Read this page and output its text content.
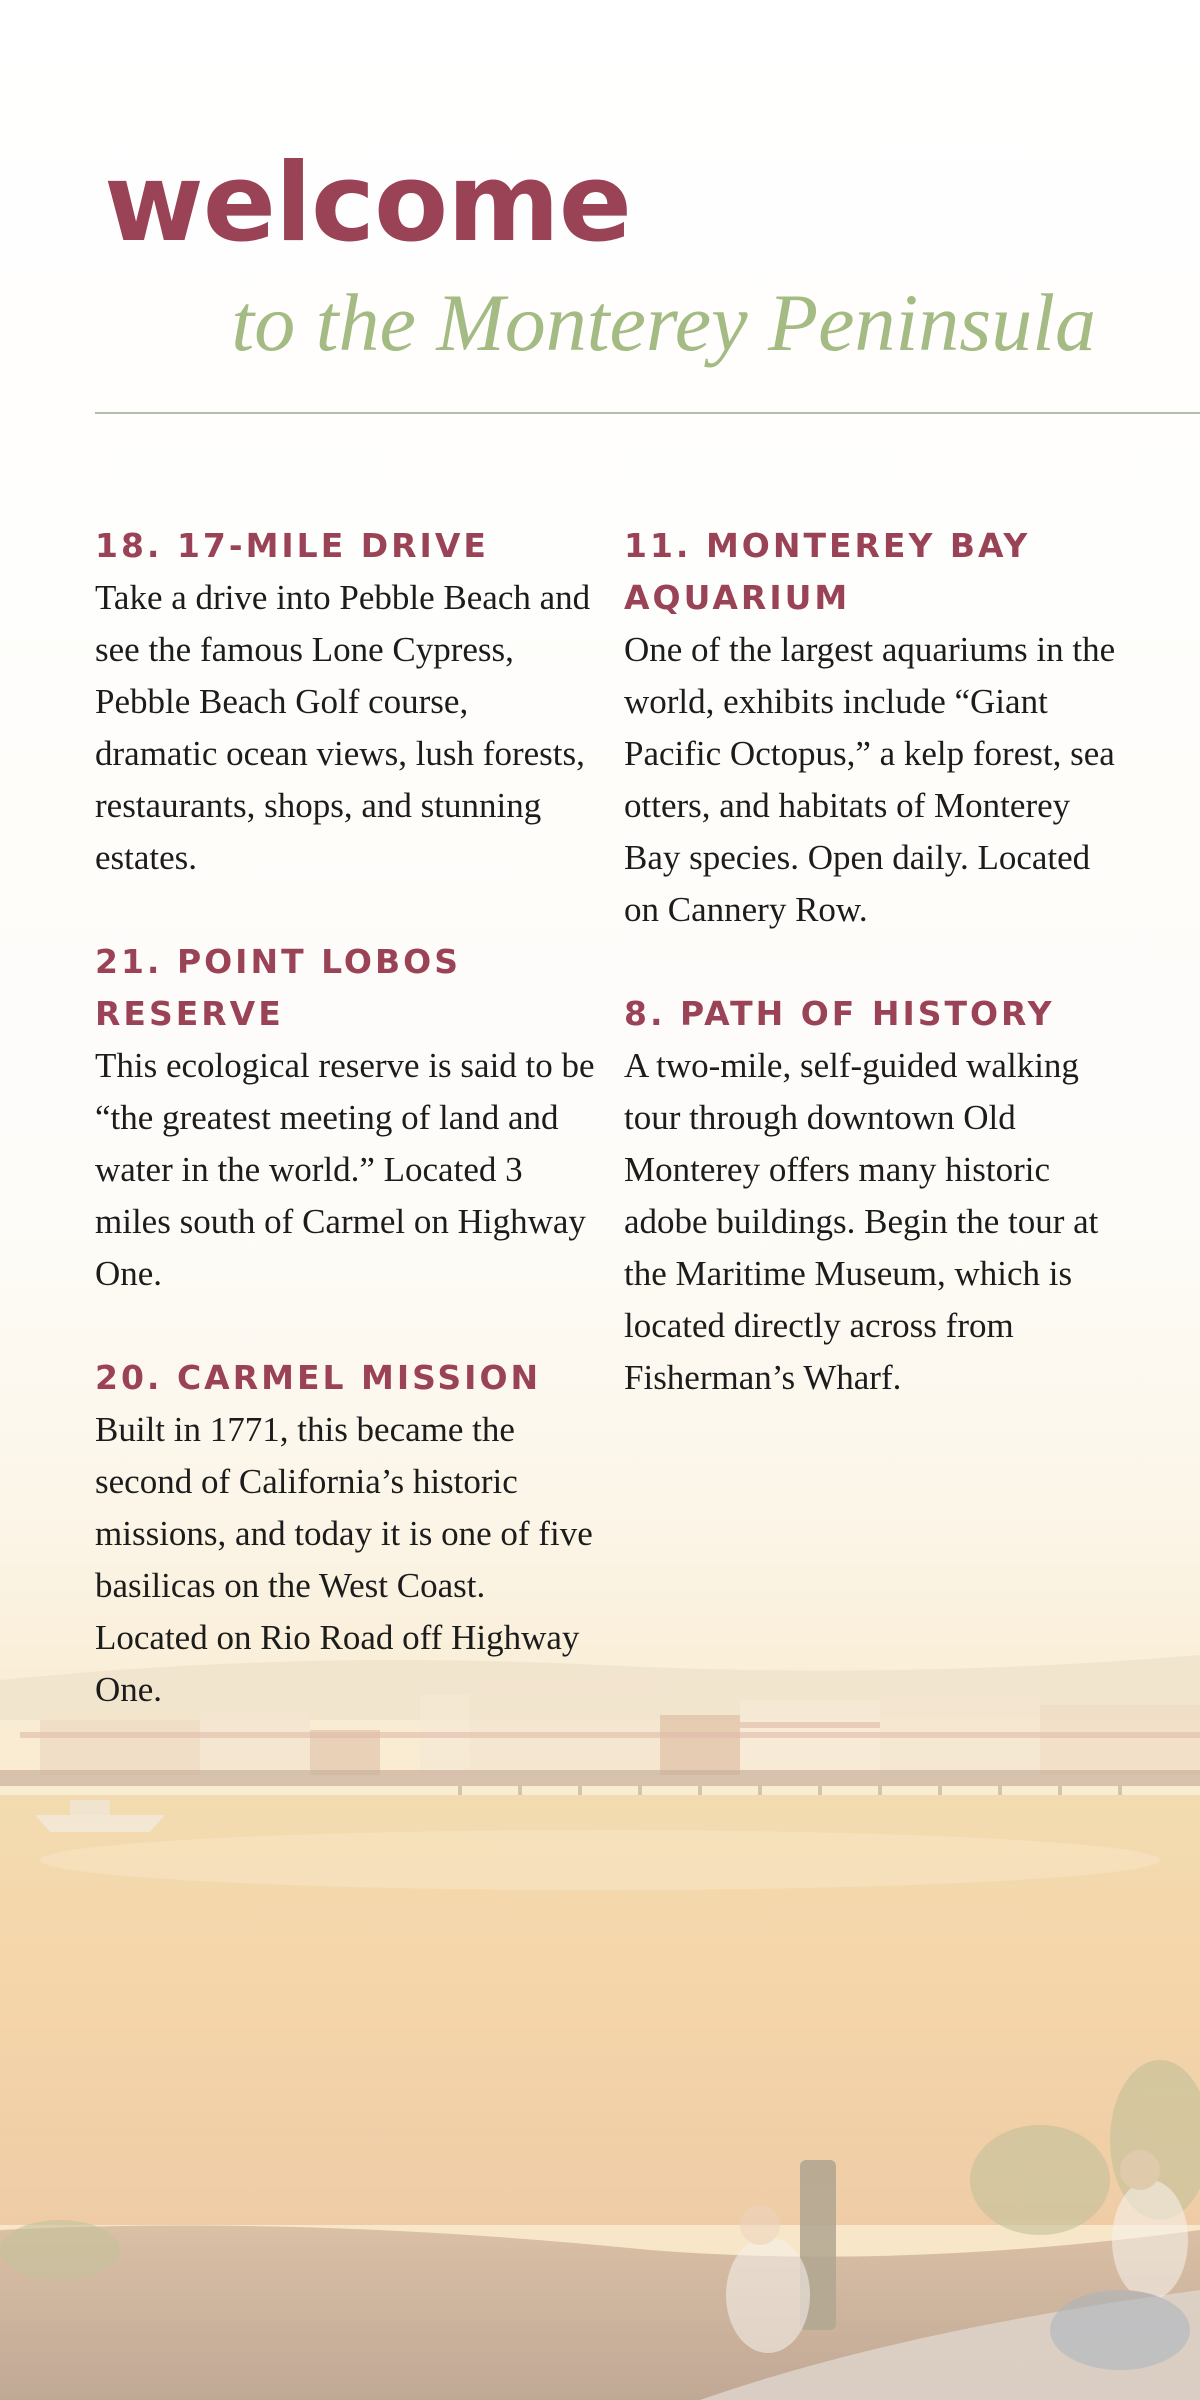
welcome

to the Monterey Peninsula

18. 17-MILE DRIVE

Take a drive into Pebble Beach and see the famous Lone Cypress, Pebble Beach Golf course, dramatic ocean views, lush forests, restaurants, shops, and stunning estates.

21. POINT LOBOS RESERVE

This ecological reserve is said to be “the greatest meeting of land and water in the world.” Located 3 miles south of Carmel on Highway One.

20. CARMEL MISSION

Built in 1771, this became the second of California’s historic missions, and today it is one of five basilicas on the West Coast. Located on Rio Road off Highway One.

11. MONTEREY BAY AQUARIUM

One of the largest aquariums in the world, exhibits include “Giant Pacific Octopus,” a kelp forest, sea otters, and habitats of Monterey Bay species. Open daily. Located on Cannery Row.

8. PATH OF HISTORY

A two-mile, self-guided walking tour through downtown Old Monterey offers many historic adobe buildings. Begin the tour at the Maritime Museum, which is located directly across from Fisherman’s Wharf.
